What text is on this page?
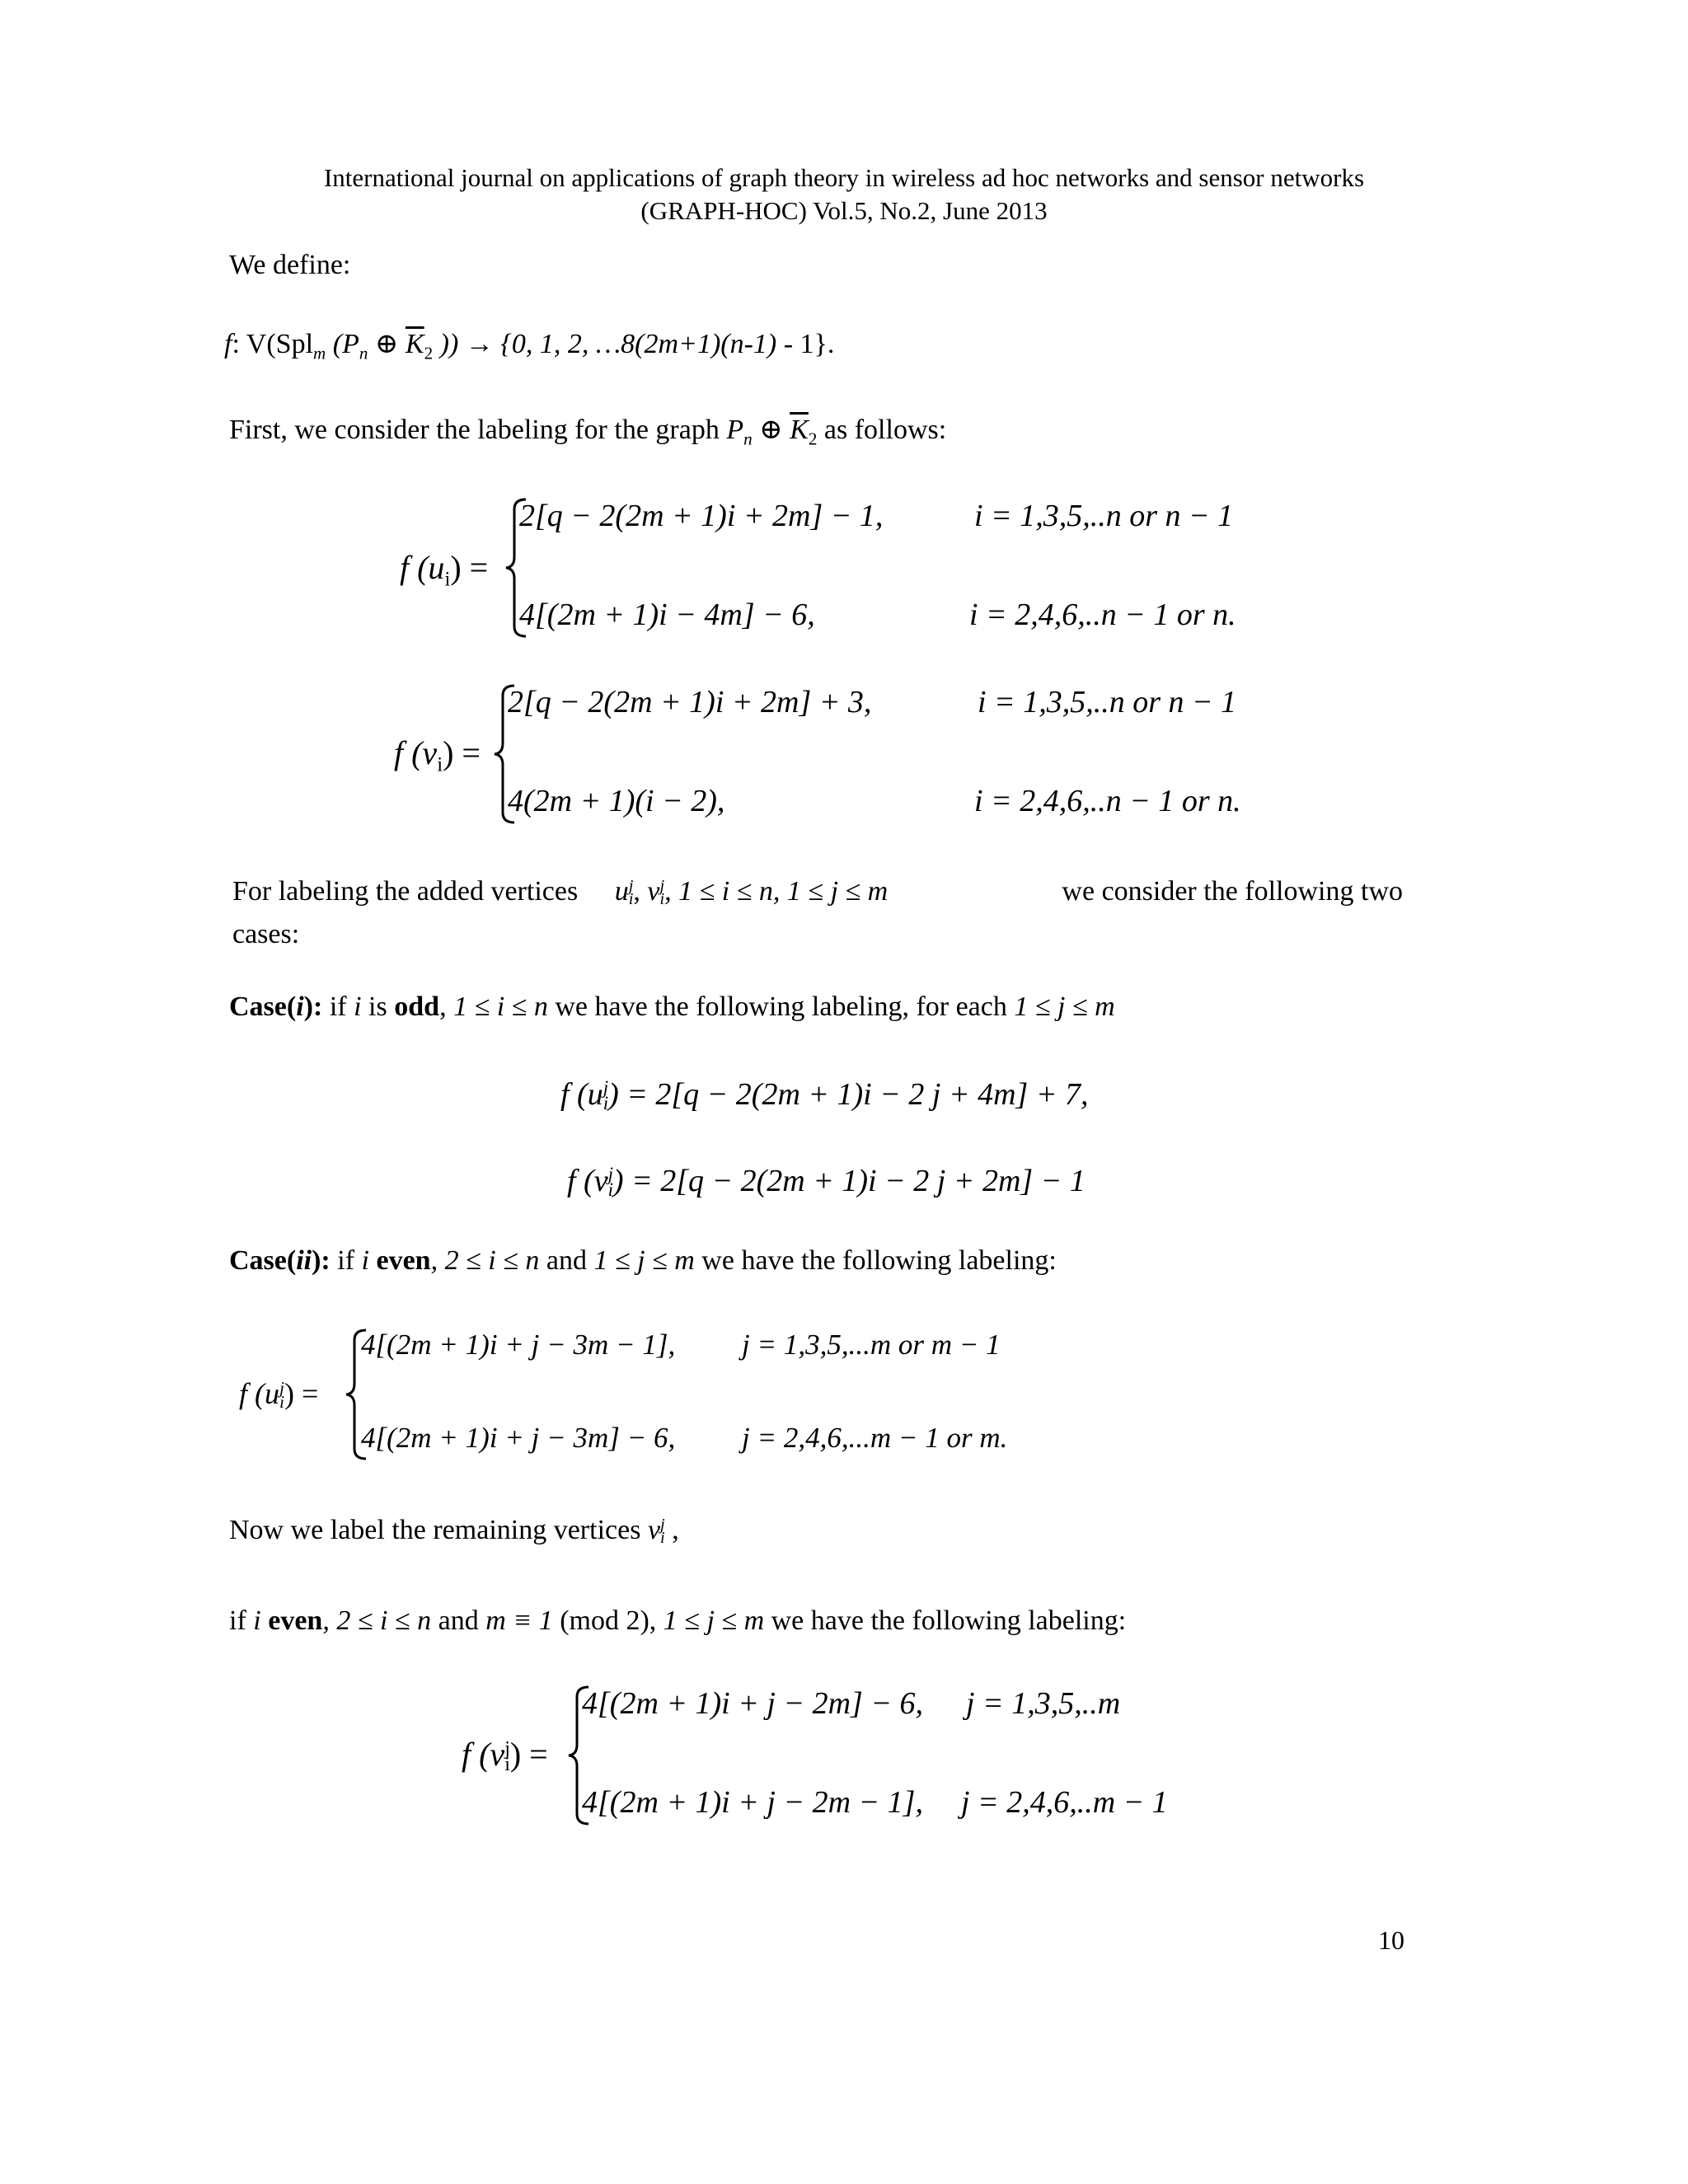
International journal on applications of graph theory in wireless ad hoc networks and sensor networks
(GRAPH-HOC) Vol.5, No.2, June 2013
We define:
f: V(Spl$_m$ ($P_n$ ⊕ $\overline{K}_2$ )) → {0, 1, 2, …8(2m+1)(n-1) - 1}.
First, we consider the labeling for the graph $P_n$ ⊕ $\overline{K}_2$ as follows:
f $(u_i)$ =
2[q − 2(2m + 1)i + 2m] − 1,	i = 1,3,5,..n or n − 1
4[(2m + 1)i − 4m] − 6,	i = 2,4,6,..n − 1 or n.
f $(v_i)$ =
2[q − 2(2m + 1)i + 2m] + 3,	i = 1,3,5,..n or n − 1
4(2m + 1)(i − 2),	i = 2,4,6,..n − 1 or n.
For labeling the added vertices u j
i , v j
i , 1 ≤ i ≤ n, 1 ≤ j ≤ m	we consider the following two
cases:
Case(i): if i is odd, 1 ≤ i ≤ n we have the following labeling, for each 1 ≤ j ≤ m
f (u j
i ) = 2[q − 2(2m + 1)i − 2 j + 4m] + 7,
f (v j
i ) = 2[q − 2(2m + 1)i − 2 j + 2m] − 1
Case(ii): if i even, 2 ≤ i ≤ n and 1 ≤ j ≤ m we have the following labeling:
f (u j
i ) =
4[(2m + 1)i + j − 3m − 1], j = 1,3,5,...m or m − 1
4[(2m + 1)i + j − 3m] − 6, j = 2,4,6,...m − 1 or m.
Now we label the remaining vertices v j
i ,
if i even, 2 ≤ i ≤ n and m ≡ 1 (mod 2), 1 ≤ j ≤ m we have the following labeling:
f (v j
i ) =
4[(2m + 1)i + j − 2m] − 6, j = 1,3,5,..m
4[(2m + 1)i + j − 2m − 1], j = 2,4,6,..m − 1
10
